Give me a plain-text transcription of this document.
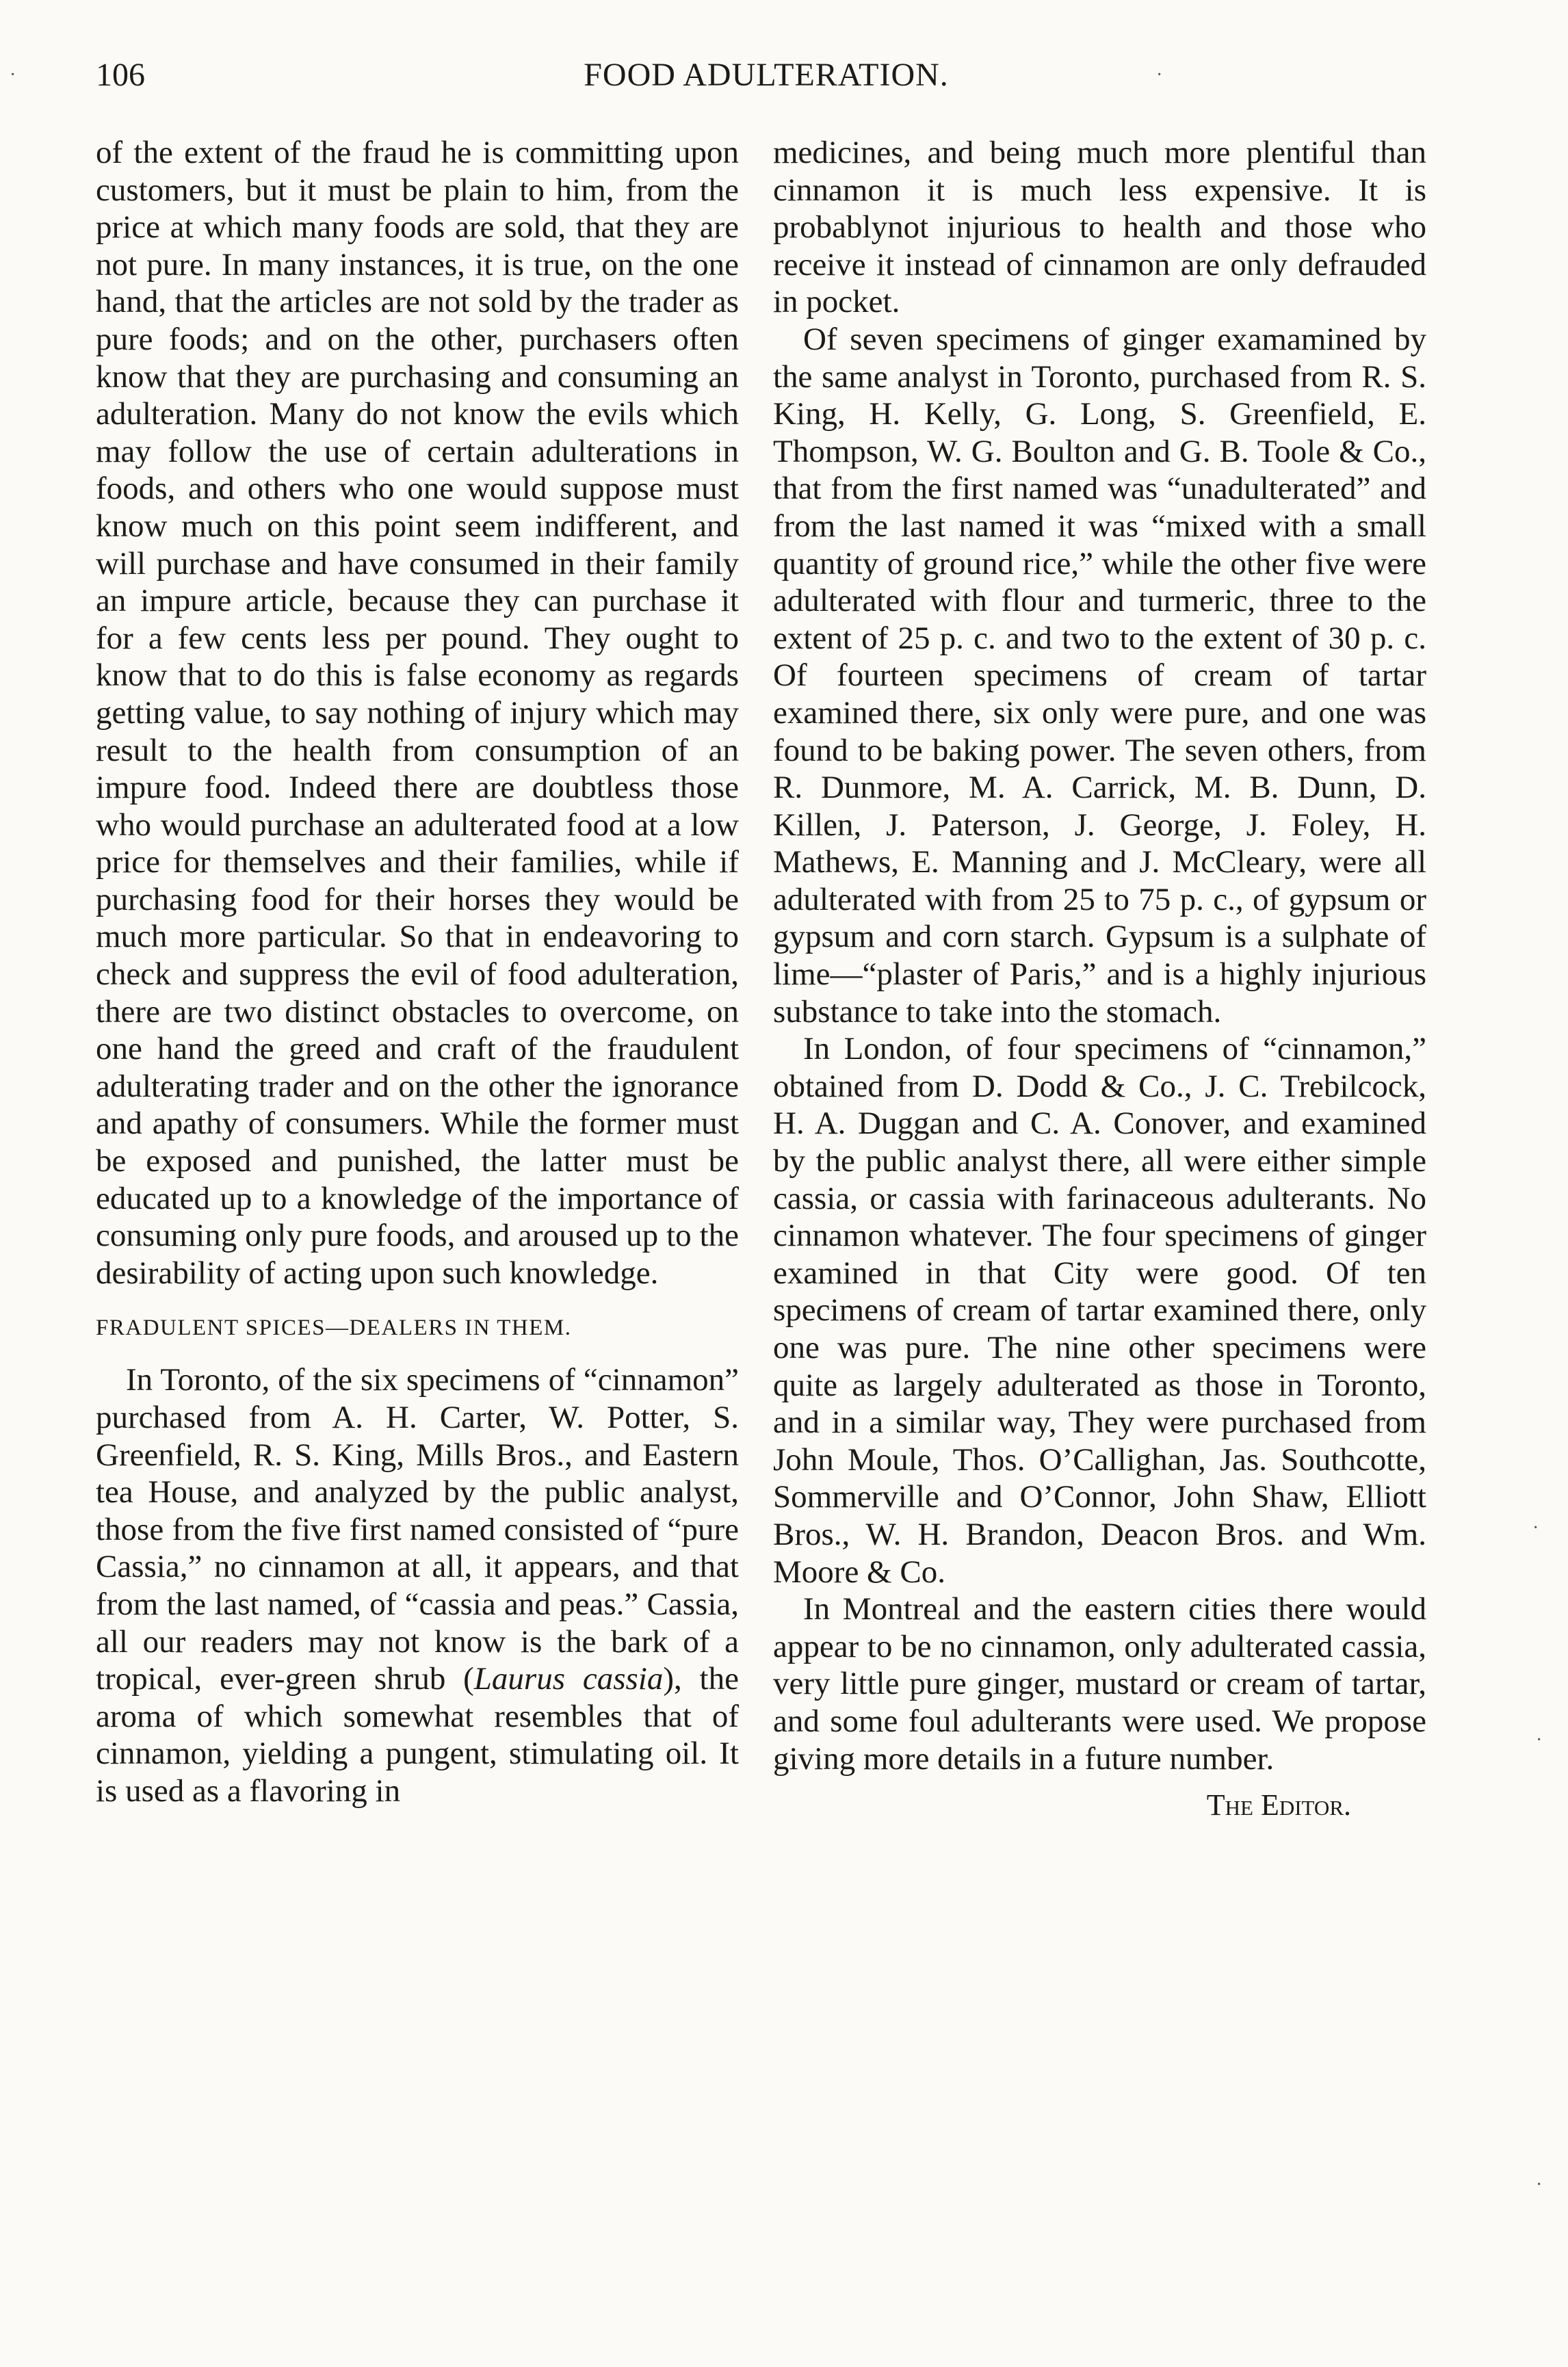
106	FOOD ADULTERATION.

of the extent of the fraud he is committing upon customers, but it must be plain to him, from the price at which many foods are sold, that they are not pure. In many instances, it is true, on the one hand, that the articles are not sold by the trader as pure foods; and on the other, purchasers often know that they are purchasing and consuming an adulteration. Many do not know the evils which may follow the use of certain adulterations in foods, and others who one would suppose must know much on this point seem indifferent, and will purchase and have consumed in their family an impure article, because they can purchase it for a few cents less per pound. They ought to know that to do this is false economy as regards getting value, to say nothing of injury which may result to the health from consumption of an impure food. Indeed there are doubtless those who would purchase an adulterated food at a low price for themselves and their families, while if purchasing food for their horses they would be much more particular. So that in endeavoring to check and suppress the evil of food adulteration, there are two distinct obstacles to overcome, on one hand the greed and craft of the fraudulent adulterating trader and on the other the ignorance and apathy of consumers. While the former must be exposed and punished, the latter must be educated up to a knowledge of the importance of consuming only pure foods, and aroused up to the desirability of acting upon such knowledge.

FRADULENT SPICES—DEALERS IN THEM.

In Toronto, of the six specimens of “cinnamon” purchased from A. H. Carter, W. Potter, S. Greenfield, R. S. King, Mills Bros., and Eastern tea House, and analyzed by the public analyst, those from the five first named consisted of “pure Cassia,” no cinnamon at all, it appears, and that from the last named, of “cassia and peas.” Cassia, all our readers may not know is the bark of a tropical, ever-green shrub (Laurus cassia), the aroma of which somewhat resembles that of cinnamon, yielding a pungent, stimulating oil. It is used as a flavoring in

medicines, and being much more plentiful than cinnamon it is much less expensive. It is probablynot injurious to health and those who receive it instead of cinnamon are only defrauded in pocket.

Of seven specimens of ginger examamined by the same analyst in Toronto, purchased from R. S. King, H. Kelly, G. Long, S. Greenfield, E. Thompson, W. G. Boulton and G. B. Toole & Co., that from the first named was “unadulterated” and from the last named it was “mixed with a small quantity of ground rice,” while the other five were adulterated with flour and turmeric, three to the extent of 25 p. c. and two to the extent of 30 p. c. Of fourteen specimens of cream of tartar examined there, six only were pure, and one was found to be baking power. The seven others, from R. Dunmore, M. A. Carrick, M. B. Dunn, D. Killen, J. Paterson, J. George, J. Foley, H. Mathews, E. Manning and J. McCleary, were all adulterated with from 25 to 75 p. c., of gypsum or gypsum and corn starch. Gypsum is a sulphate of lime—“plaster of Paris,” and is a highly injurious substance to take into the stomach.

In London, of four specimens of “cinnamon,” obtained from D. Dodd & Co., J. C. Trebilcock, H. A. Duggan and C. A. Conover, and examined by the public analyst there, all were either simple cassia, or cassia with farinaceous adulterants. No cinnamon whatever. The four specimens of ginger examined in that City were good. Of ten specimens of cream of tartar examined there, only one was pure. The nine other specimens were quite as largely adulterated as those in Toronto, and in a similar way, They were purchased from John Moule, Thos. O’Callighan, Jas. Southcotte, Sommerville and O’Connor, John Shaw, Elliott Bros., W. H. Brandon, Deacon Bros. and Wm. Moore & Co.

In Montreal and the eastern cities there would appear to be no cinnamon, only adulterated cassia, very little pure ginger, mustard or cream of tartar, and some foul adulterants were used. We propose giving more details in a future number.

The Editor.
·	·
·
·
·
